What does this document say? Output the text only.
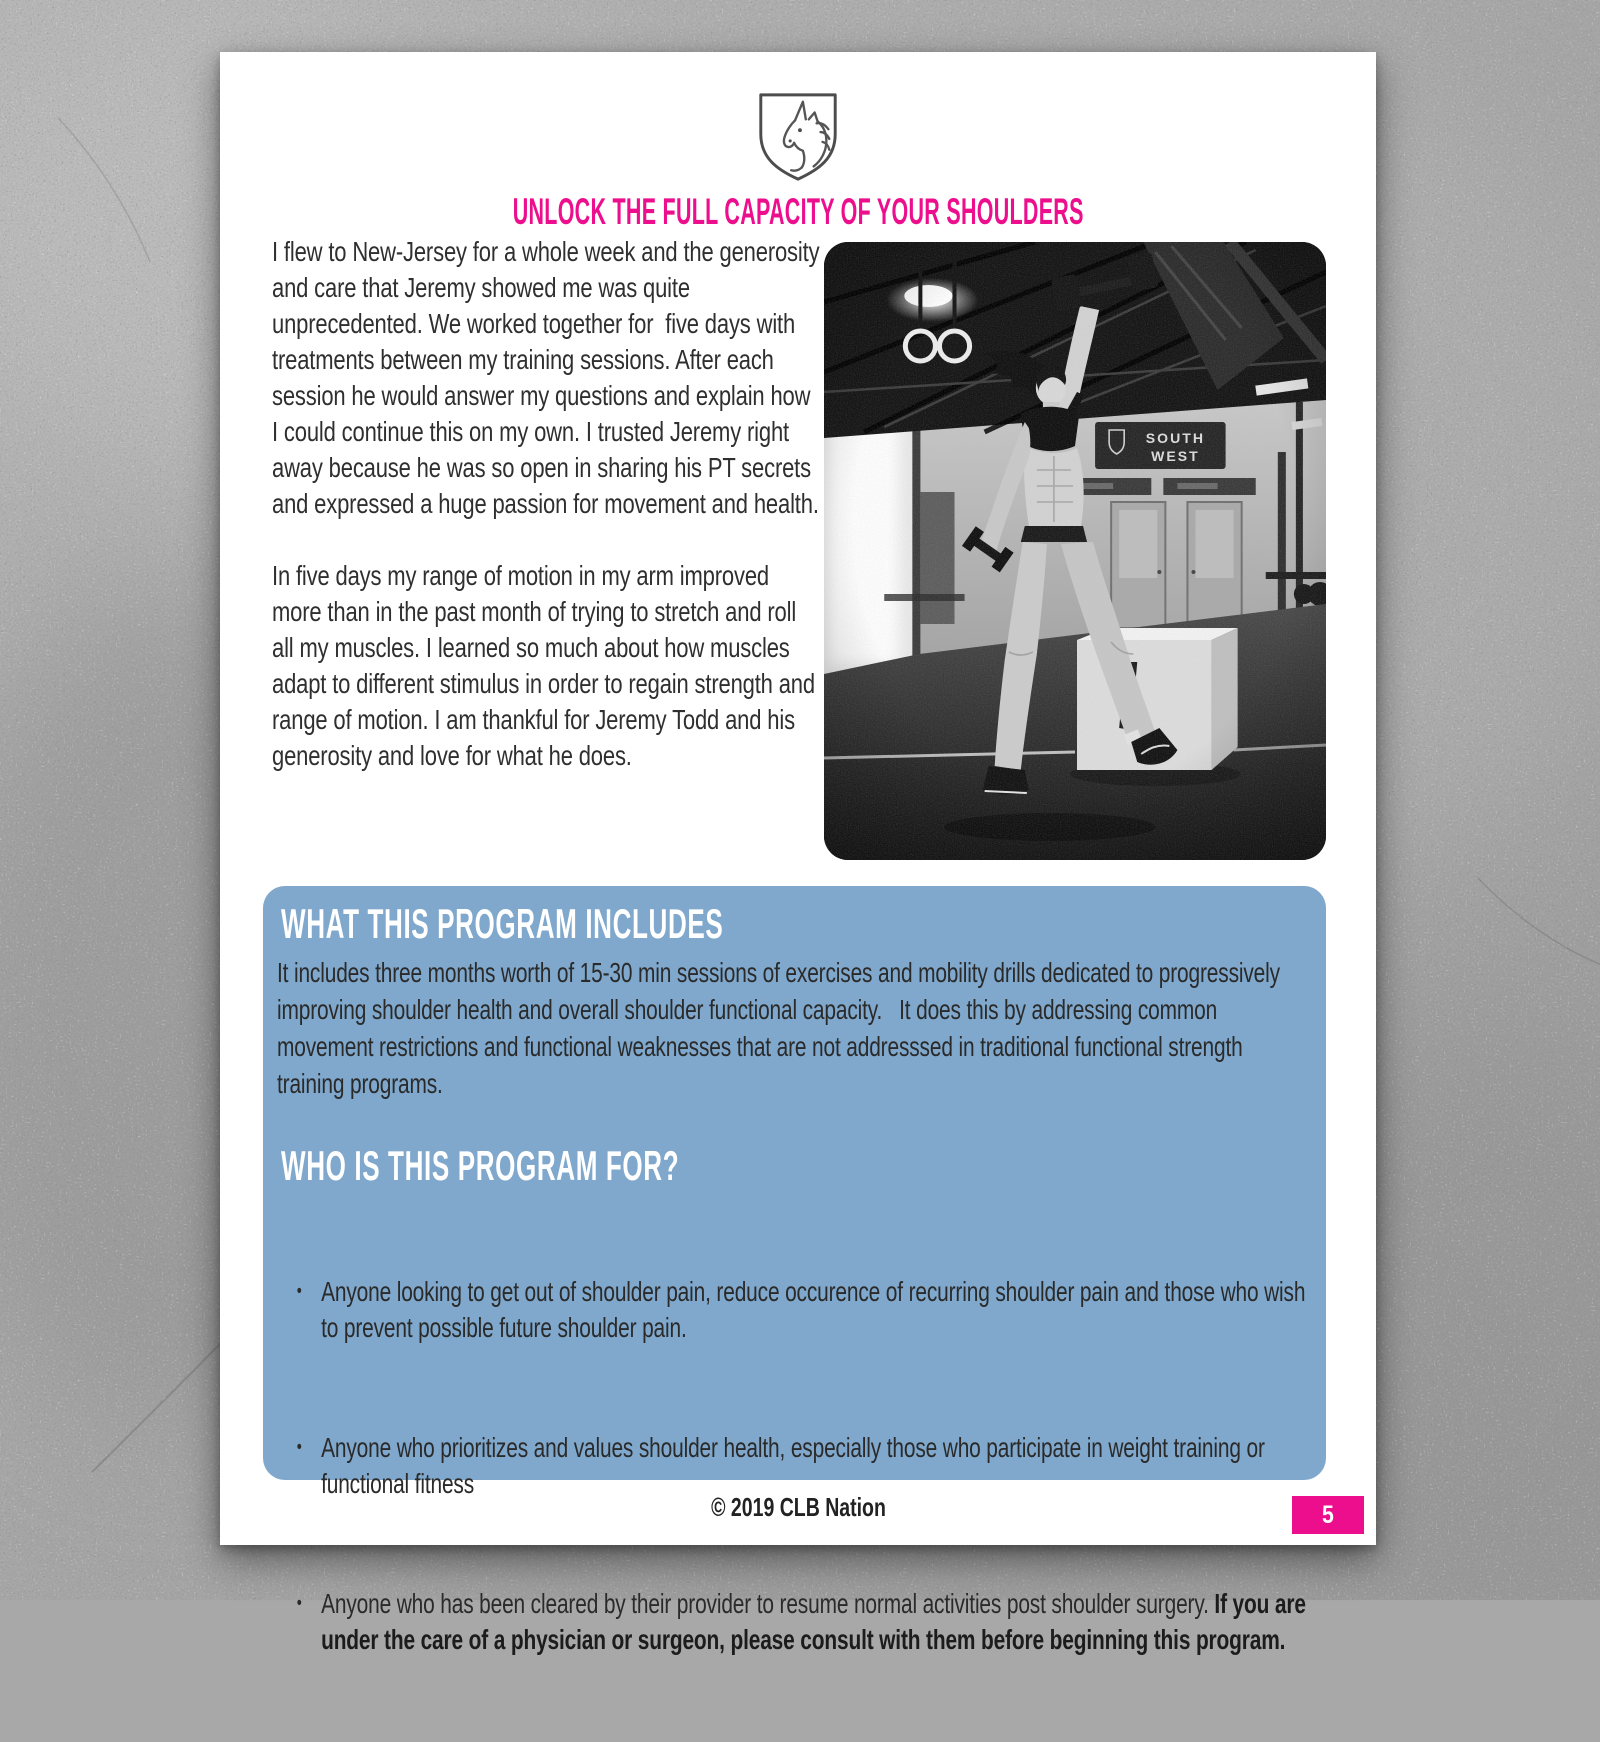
UNLOCK THE FULL CAPACITY OF YOUR SHOULDERS

I flew to New-Jersey for a whole week and the generosity and care that Jeremy showed me was quite unprecedented. We worked together for  five days with treatments between my training sessions. After each session he would answer my questions and explain how I could continue this on my own. I trusted Jeremy right away because he was so open in sharing his PT secrets and expressed a huge passion for movement and health.

In five days my range of motion in my arm improved more than in the past month of trying to stretch and roll all my muscles. I learned so much about how muscles adapt to different stimulus in order to regain strength and range of motion. I am thankful for Jeremy Todd and his generosity and love for what he does.

WHAT THIS PROGRAM INCLUDES

It includes three months worth of 15-30 min sessions of exercises and mobility drills dedicated to progressively improving shoulder health and overall shoulder functional capacity.   It does this by addressing common movement restrictions and functional weaknesses that are not addresssed in traditional functional strength training programs.

WHO IS THIS PROGRAM FOR?

• Anyone looking to get out of shoulder pain, reduce occurence of recurring shoulder pain and those who wish to prevent possible future shoulder pain.

• Anyone who prioritizes and values shoulder health, especially those who participate in weight training or functional fitness

• Anyone who has been cleared by their provider to resume normal activities post shoulder surgery. If you are under the care of a physician or surgeon, please consult with them before beginning this program.

© 2019 CLB Nation	5
